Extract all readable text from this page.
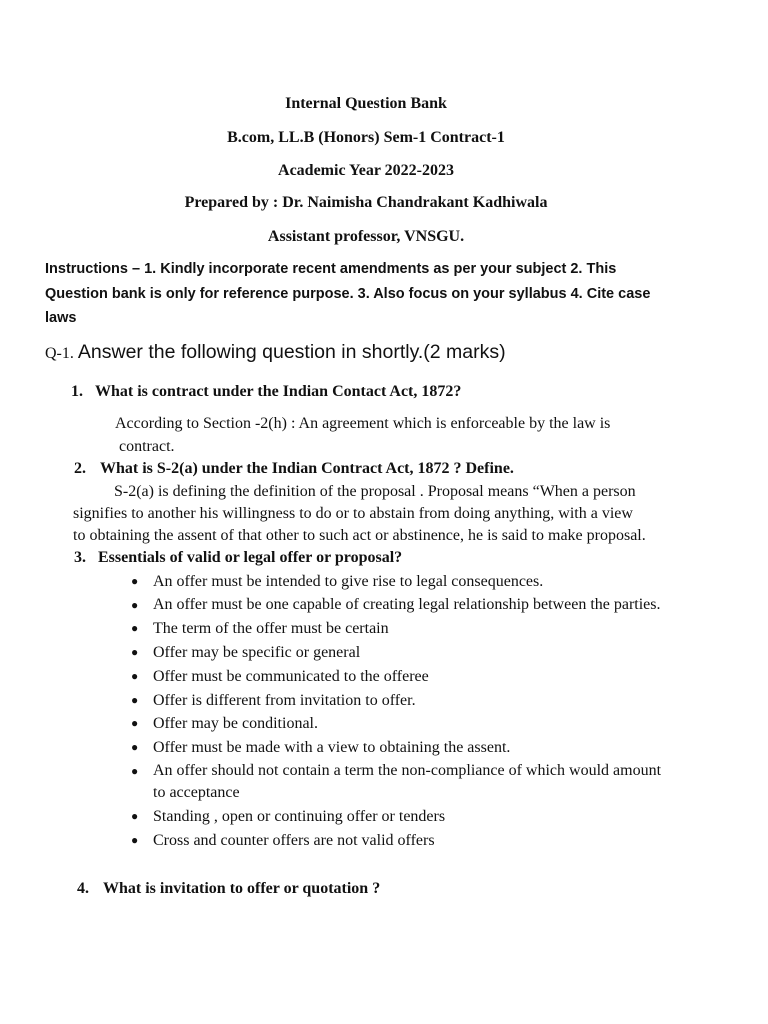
Internal Question Bank
B.com, LL.B (Honors) Sem-1 Contract-1
Academic Year 2022-2023
Prepared by : Dr. Naimisha Chandrakant Kadhiwala
Assistant professor, VNSGU.
Instructions – 1. Kindly incorporate recent amendments as per your subject 2. This
Question bank is only for reference purpose. 3. Also focus on your syllabus 4. Cite case
laws
Q-1. Answer the following question in shortly.(2 marks)
1. What is contract under the Indian Contact Act, 1872?
According to Section -2(h) : An agreement which is enforceable by the law is
contract.
2. What is S-2(a) under the Indian Contract Act, 1872 ? Define.
S-2(a) is defining the definition of the proposal . Proposal means “When a person
signifies to another his willingness to do or to abstain from doing anything, with a view
to obtaining the assent of that other to such act or abstinence, he is said to make proposal.
3. Essentials of valid or legal offer or proposal?
● An offer must be intended to give rise to legal consequences.
● An offer must be one capable of creating legal relationship between the parties.
● The term of the offer must be certain
● Offer may be specific or general
● Offer must be communicated to the offeree
● Offer is different from invitation to offer.
● Offer may be conditional.
● Offer must be made with a view to obtaining the assent.
● An offer should not contain a term the non-compliance of which would amount to acceptance
● Standing , open or continuing offer or tenders
● Cross and counter offers are not valid offers
4. What is invitation to offer or quotation ?
